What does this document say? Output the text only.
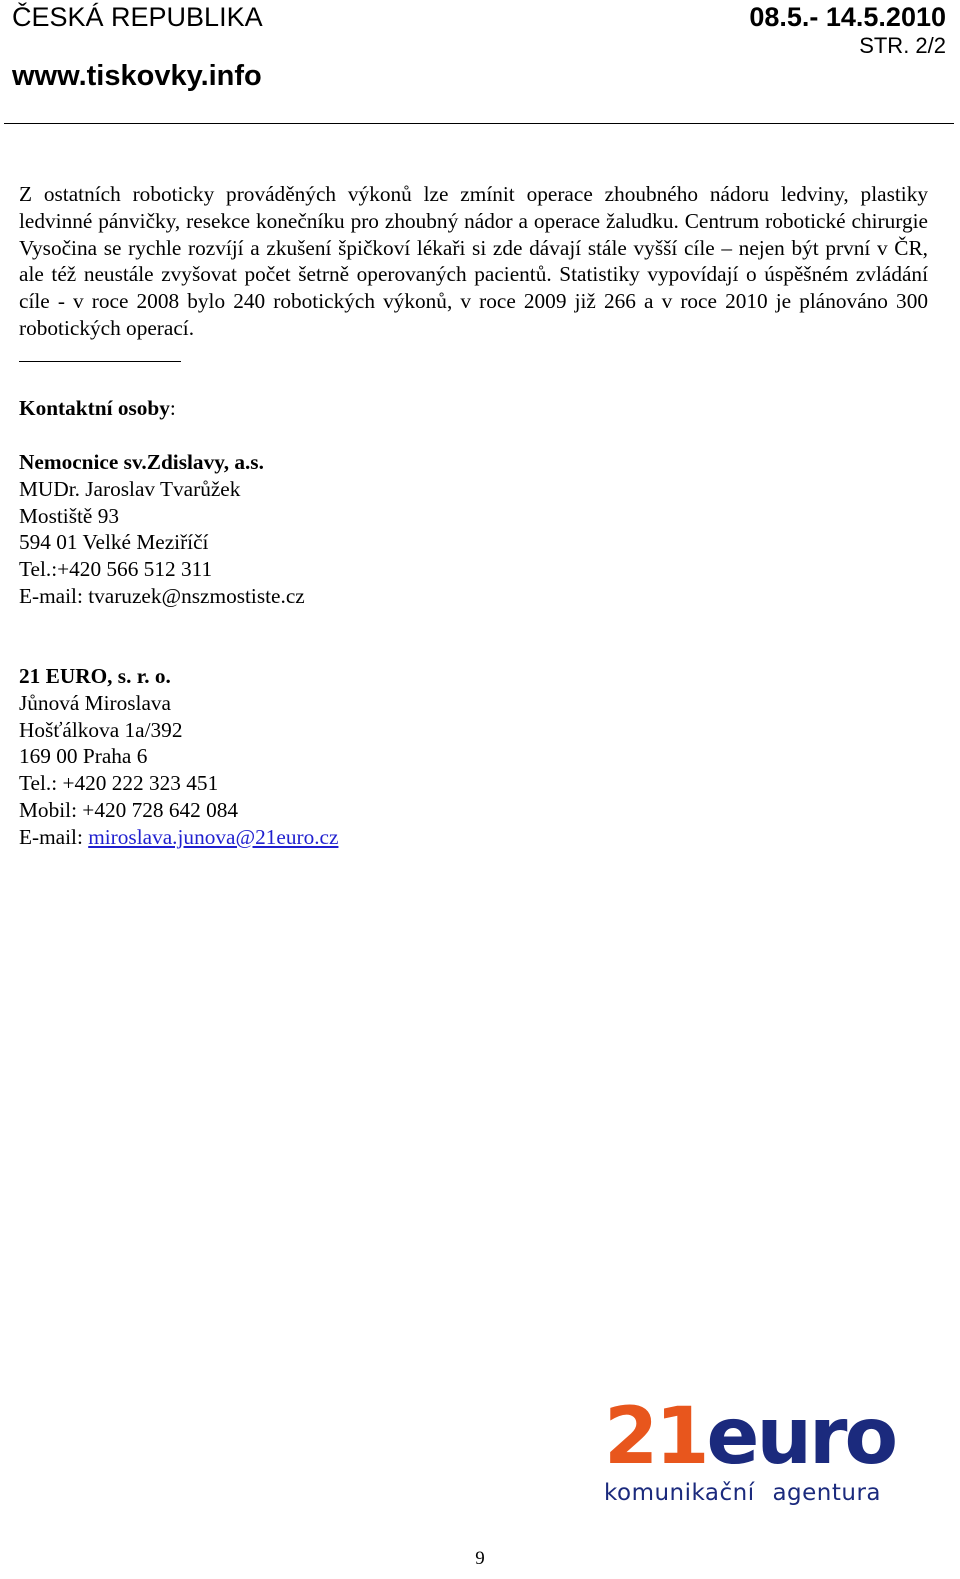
ČESKÁ REPUBLIKA	08.5.- 14.5.2010
STR. 2/2
www.tiskovky.info
Z ostatních roboticky prováděných výkonů lze zmínit operace zhoubného nádoru ledviny, plastiky ledvinné pánvičky, resekce konečníku pro zhoubný nádor a operace žaludku. Centrum robotické chirurgie Vysočina se rychle rozvíjí a zkušení špičkoví lékaři si zde dávají stále vyšší cíle – nejen být první v ČR, ale též neustále zvyšovat počet šetrně operovaných pacientů. Statistiky vypovídají o úspěšném zvládání cíle - v roce 2008 bylo 240 robotických výkonů, v roce 2009 již 266 a v roce 2010 je plánováno 300 robotických operací.
Kontaktní osoby:
Nemocnice sv.Zdislavy, a.s.
MUDr. Jaroslav Tvarůžek
Mostiště 93
594 01 Velké Meziříčí
Tel.:+420 566 512 311
E-mail: tvaruzek@nszmostiste.cz
21 EURO, s. r. o.
Jůnová Miroslava
Hošťálkova 1a/392
169 00 Praha 6
Tel.: +420 222 323 451
Mobil: +420 728 642 084
E-mail: miroslava.junova@21euro.cz
21euro
komunikační agentura
9
